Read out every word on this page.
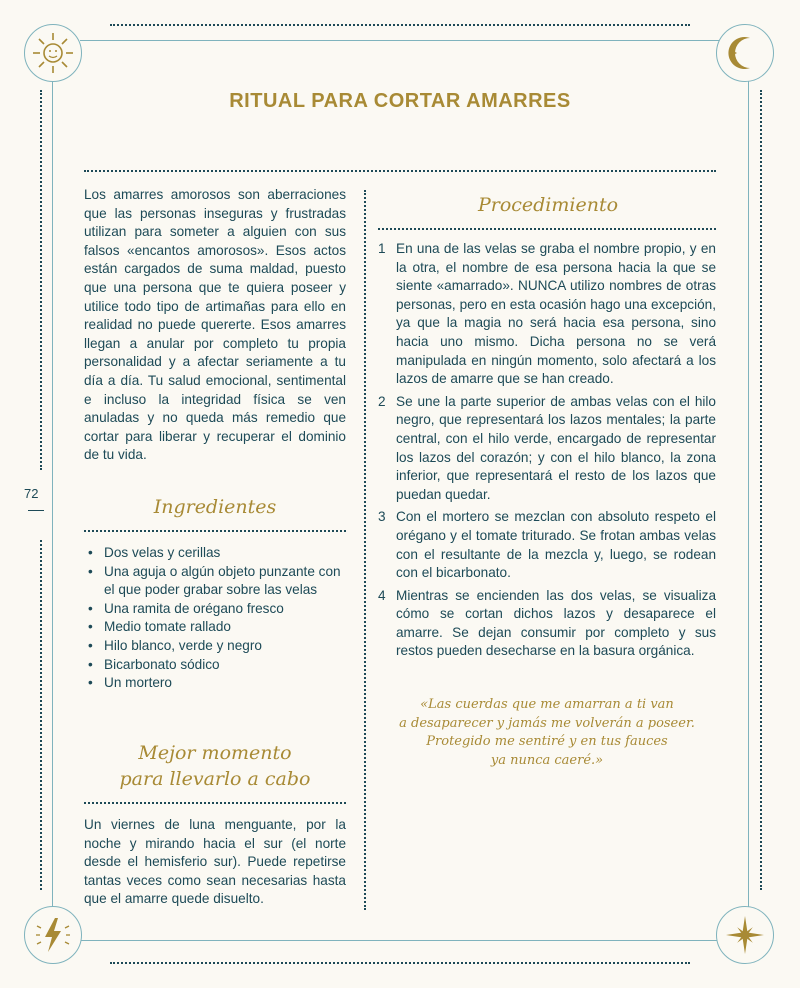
RITUAL PARA CORTAR AMARRES
Los amarres amorosos son aberraciones que las personas inseguras y frustradas utilizan para someter a alguien con sus falsos «encantos amorosos». Esos actos están cargados de suma maldad, puesto que una persona que te quiera poseer y utilice todo tipo de artimañas para ello en realidad no puede quererte. Esos amarres llegan a anular por completo tu propia personalidad y a afectar seriamente a tu día a día. Tu salud emocional, sentimental e incluso la integridad física se ven anuladas y no queda más remedio que cortar para liberar y recuperar el dominio de tu vida.
72
Ingredientes
• Dos velas y cerillas
• Una aguja o algún objeto punzante con el que poder grabar sobre las velas
• Una ramita de orégano fresco
• Medio tomate rallado
• Hilo blanco, verde y negro
• Bicarbonato sódico
• Un mortero
Mejor momento
para llevarlo a cabo
Un viernes de luna menguante, por la noche y mirando hacia el sur (el norte desde el hemisferio sur). Puede repetirse tantas veces como sean necesarias hasta que el amarre quede disuelto.
Procedimiento
1 En una de las velas se graba el nombre propio, y en la otra, el nombre de esa persona hacia la que se siente «amarrado». NUNCA utilizo nombres de otras personas, pero en esta ocasión hago una excepción, ya que la magia no será hacia esa persona, sino hacia uno mismo. Dicha persona no se verá manipulada en ningún momento, solo afectará a los lazos de amarre que se han creado.
2 Se une la parte superior de ambas velas con el hilo negro, que representará los lazos mentales; la parte central, con el hilo verde, encargado de representar los lazos del corazón; y con el hilo blanco, la zona inferior, que representará el resto de los lazos que puedan quedar.
3 Con el mortero se mezclan con absoluto respeto el orégano y el tomate triturado. Se frotan ambas velas con el resultante de la mezcla y, luego, se rodean con el bicarbonato.
4 Mientras se encienden las dos velas, se visualiza cómo se cortan dichos lazos y desaparece el amarre. Se dejan consumir por completo y sus restos pueden desecharse en la basura orgánica.
«Las cuerdas que me amarran a ti van
a desaparecer y jamás me volverán a poseer.
Protegido me sentiré y en tus fauces
ya nunca caeré.»
